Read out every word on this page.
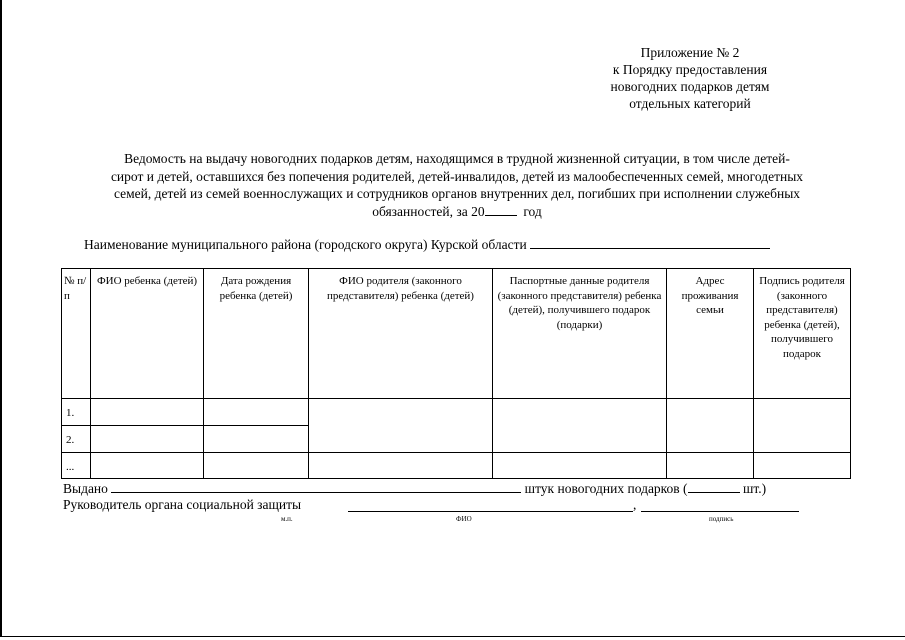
Приложение № 2
к Порядку предоставления
новогодних подарков детям
отдельных категорий
Ведомость на выдачу новогодних подарков детям, находящимся в трудной жизненной ситуации, в том числе детей-
сирот и детей, оставшихся без попечения родителей, детей-инвалидов, детей из малообеспеченных семей, многодетных
семей, детей из семей военнослужащих и сотрудников органов внутренних дел, погибших при исполнении служебных
обязанностей, за 20	год
Наименование муниципального района (городского округа) Курской области
№ п/п	ФИО ребенка (детей)	Дата рождения ребенка (детей)	ФИО родителя (законного представителя) ребенка (детей)	Паспортные данные родителя (законного представителя) ребенка (детей), получившего подарок (подарки)	Адрес проживания семьи	Подпись родителя (законного представителя) ребенка (детей), получившего подарок
1.						
2.						
...						
Выдано	штук новогодних подарков (	шт.)
Руководитель органа социальной защиты	,
м.п.	ФИО	подпись
